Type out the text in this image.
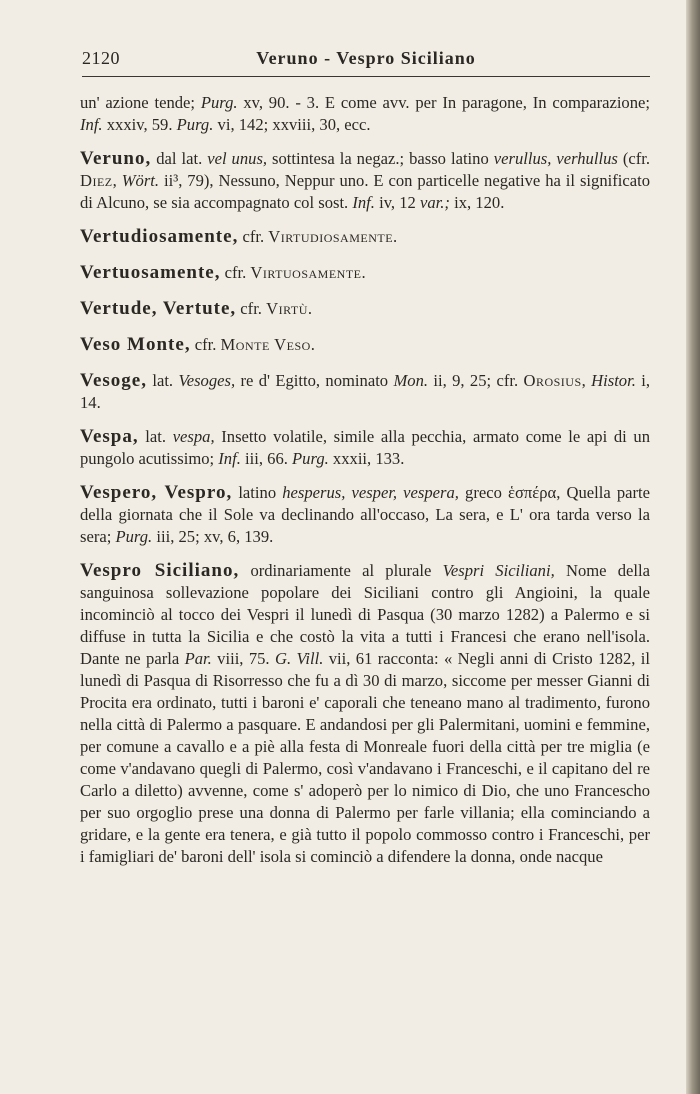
2120	Veruno - Vespro Siciliano

un' azione tende; Purg. xv, 90. - 3. E come avv. per In paragone, In comparazione; Inf. xxxiv, 59. Purg. vi, 142; xxviii, 30, ecc.

Veruno, dal lat. vel unus, sottintesa la negaz.; basso latino verullus, verhullus (cfr. Diez, Wört. ii³, 79), Nessuno, Neppur uno. E con particelle negative ha il significato di Alcuno, se sia accompagnato col sost. Inf. iv, 12 var.; ix, 120.

Vertudiosamente, cfr. Virtudiosamente.

Vertuosamente, cfr. Virtuosamente.

Vertude, Vertute, cfr. Virtù.

Veso Monte, cfr. Monte Veso.

Vesoge, lat. Vesoges, re d' Egitto, nominato Mon. ii, 9, 25; cfr. Orosius, Histor. i, 14.

Vespa, lat. vespa, Insetto volatile, simile alla pecchia, armato come le api di un pungolo acutissimo; Inf. iii, 66. Purg. xxxii, 133.

Vespero, Vespro, latino hesperus, vesper, vespera, greco ἑσπέρα, Quella parte della giornata che il Sole va declinando all'occaso, La sera, e L' ora tarda verso la sera; Purg. iii, 25; xv, 6, 139.

Vespro Siciliano, ordinariamente al plurale Vespri Siciliani, Nome della sanguinosa sollevazione popolare dei Siciliani contro gli Angioini, la quale incominciò al tocco dei Vespri il lunedì di Pasqua (30 marzo 1282) a Palermo e si diffuse in tutta la Sicilia e che costò la vita a tutti i Francesi che erano nell'isola. Dante ne parla Par. viii, 75. G. Vill. vii, 61 racconta: « Negli anni di Cristo 1282, il lunedì di Pasqua di Risorresso che fu a dì 30 di marzo, siccome per messer Gianni di Procita era ordinato, tutti i baroni e' caporali che teneano mano al tradimento, furono nella città di Palermo a pasquare. E andandosi per gli Palermitani, uomini e femmine, per comune a cavallo e a piè alla festa di Monreale fuori della città per tre miglia (e come v'andavano quegli di Palermo, così v'andavano i Franceschi, e il capitano del re Carlo a diletto) avvenne, come s' adoperò per lo nimico di Dio, che uno Francescho per suo orgoglio prese una donna di Palermo per farle villania; ella cominciando a gridare, e la gente era tenera, e già tutto il popolo commosso contro i Franceschi, per i famigliari de' baroni dell' isola si cominciò a difendere la donna, onde nacque
